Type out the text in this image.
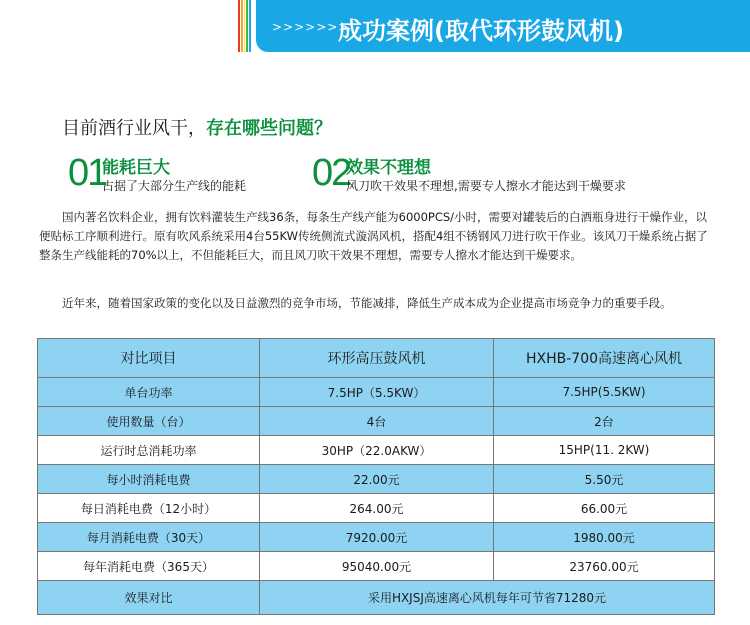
>>>>>>>
成功案例(取代环形鼓风机)
目前酒行业风干，存在哪些问题？
01
能耗巨大
占据了大部分生产线的能耗 02
效果不理想
风刀吹干效果不理想,需要专人擦水才能达到干燥要求
国内著名饮料企业，拥有饮料灌装生产线36条，每条生产线产能为6000PCS/小时，需要对罐装后的白酒瓶身进行干燥作业，以便贴标工序顺利进行。原有吹风系统采用4台55KW传统侧流式漩涡风机，搭配4组不锈钢风刀进行吹干作业。该风刀干燥系统占据了整条生产线能耗的70%以上，不但能耗巨大，而且风刀吹干效果不理想，需要专人擦水才能达到干燥要求。
近年来，随着国家政策的变化以及日益激烈的竞争市场，节能减排，降低生产成本成为企业提高市场竞争力的重要手段。
对比项目	环形高压鼓风机	HXHB-700高速离心风机
单台功率	7.5HP（5.5KW）	7.5HP(5.5KW)
使用数量（台）	4台	2台
运行时总消耗功率	30HP（22.0AKW）	15HP(11. 2KW)
每小时消耗电费	22.00元	5.50元
每日消耗电费（12小时）	264.00元	66.00元
每月消耗电费（30天）	7920.00元	1980.00元
每年消耗电费（365天）	95040.00元	23760.00元
效果对比	采用HXJSJ高速离心风机每年可节省71280元	
